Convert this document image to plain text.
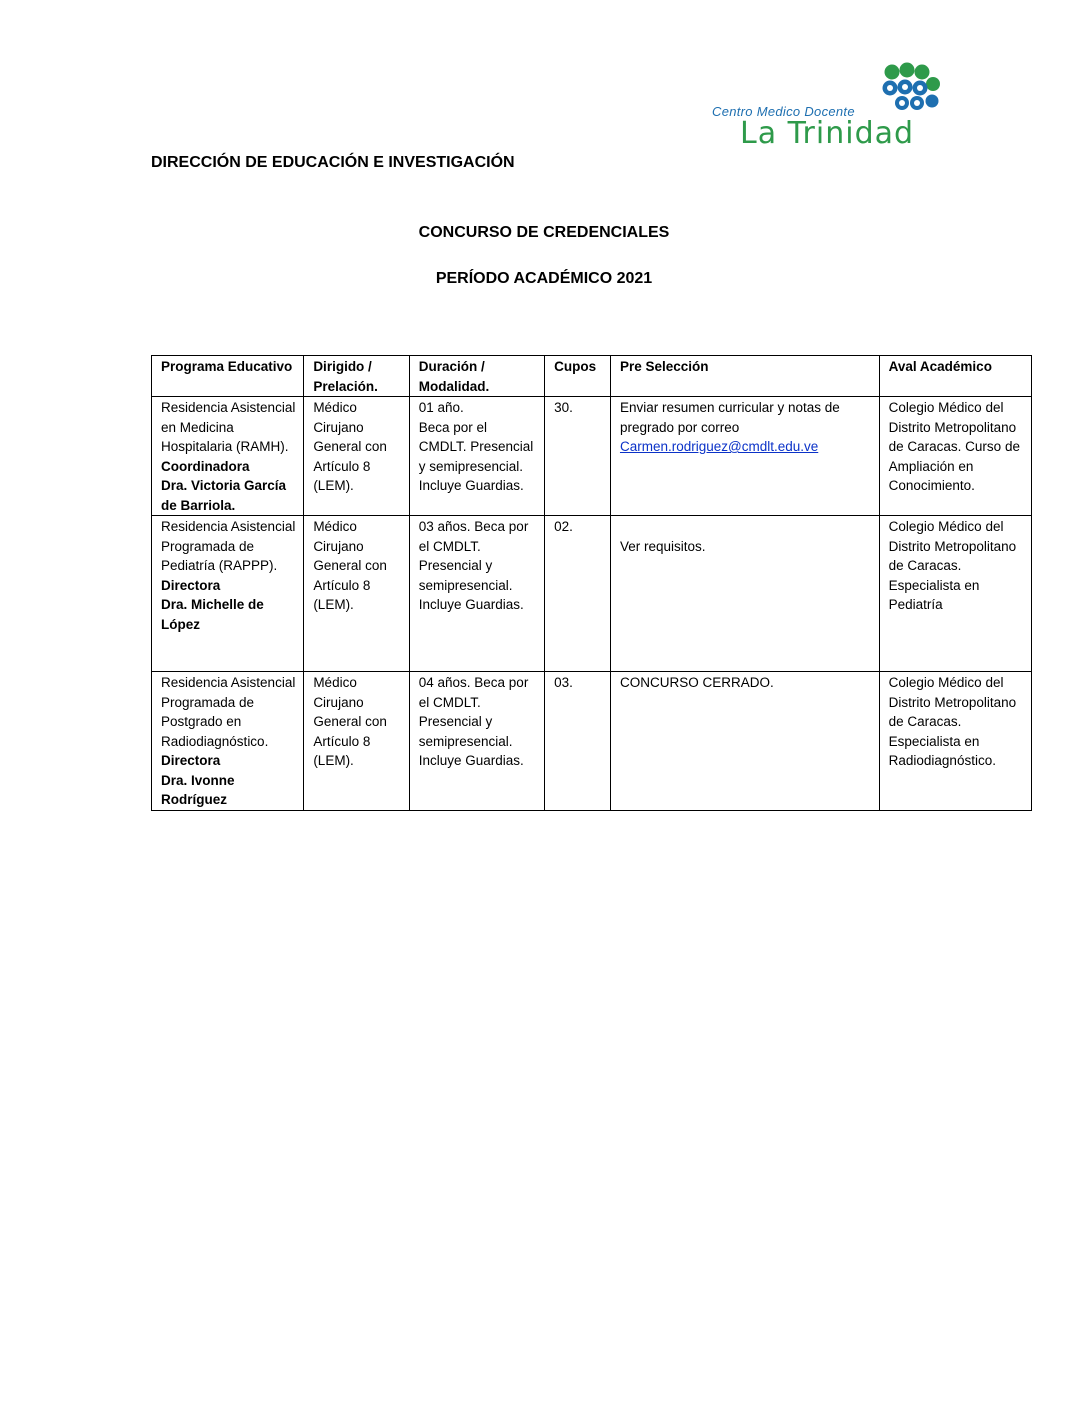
Centro Medico Docente
La Trinidad
DIRECCIÓN DE EDUCACIÓN E INVESTIGACIÓN
CONCURSO DE CREDENCIALES
PERÍODO ACADÉMICO 2021
Programa Educativo	Dirigido / Prelación.	Duración / Modalidad.	Cupos	Pre Selección	Aval Académico

Residencia Asistencial en Medicina Hospitalaria (RAMH).
Coordinadora
Dra. Victoria García de Barriola.	Médico Cirujano General con Artículo 8 (LEM).	01 año.
Beca por el CMDLT. Presencial y semipresencial. Incluye Guardias.	30.	Enviar resumen curricular y notas de pregrado por correo
Carmen.rodriguez@cmdlt.edu.ve	Colegio Médico del Distrito Metropolitano de Caracas. Curso de Ampliación en Conocimiento.

Residencia Asistencial Programada de Pediatría (RAPPP).
Directora
Dra. Michelle de López	Médico Cirujano General con Artículo 8 (LEM).	03 años. Beca por el CMDLT.
Presencial y semipresencial. Incluye Guardias.	02.	Ver requisitos.	Colegio Médico del Distrito Metropolitano de Caracas. Especialista en Pediatría

Residencia Asistencial Programada de Postgrado en Radiodiagnóstico.
Directora
Dra. Ivonne Rodríguez	Médico Cirujano General con Artículo 8 (LEM).	04 años. Beca por el CMDLT.
Presencial y semipresencial. Incluye Guardias.	03.	CONCURSO CERRADO.	Colegio Médico del Distrito Metropolitano de Caracas. Especialista en Radiodiagnóstico.
